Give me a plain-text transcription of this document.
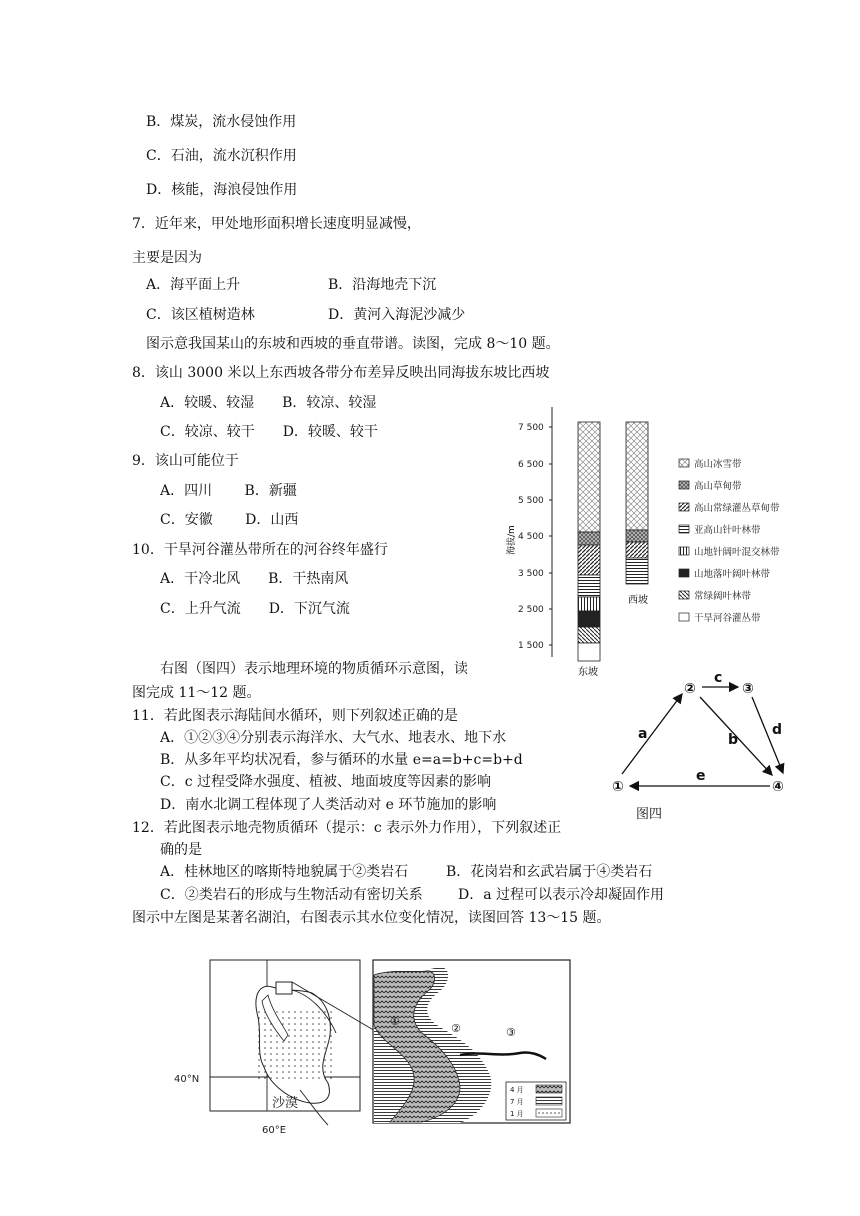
B．煤炭，流水侵蚀作用
C．石油，流水沉积作用
D．核能，海浪侵蚀作用
7．近年来，甲处地形面积增长速度明显减慢，
主要是因为
A．海平面上升	B．沿海地壳下沉
C．该区植树造林	D．黄河入海泥沙减少
图示意我国某山的东坡和西坡的垂直带谱。读图，完成 8～10 题。
8．该山 3000 米以上东西坡各带分布差异反映出同海拔东坡比西坡
A．较暖、较湿　　B．较凉、较湿
C．较凉、较干　　D．较暖、较干
9．该山可能位于
A．四川　　 B．新疆
C．安徽　　 D．山西
10．干旱河谷灌丛带所在的河谷终年盛行
A．干冷北风　　B．干热南风
C．上升气流　　D．下沉气流
右图（图四）表示地理环境的物质循环示意图，读
图完成 11～12 题。
11．若此图表示海陆间水循环，则下列叙述正确的是
A．①②③④分别表示海洋水、大气水、地表水、地下水
B．从多年平均状况看，参与循环的水量 e=a=b+c=b+d
C．c 过程受降水强度、植被、地面坡度等因素的影响
D．南水北调工程体现了人类活动对 e 环节施加的影响
12．若此图表示地壳物质循环（提示：c 表示外力作用），下列叙述正
确的是
A．桂林地区的喀斯特地貌属于②类岩石	B．花岗岩和玄武岩属于④类岩石
C．②类岩石的形成与生物活动有密切关系	D．a 过程可以表示冷却凝固作用
图示中左图是某著名湖泊，右图表示其水位变化情况，读图回答 13～15 题。
7 500
6 500
5 500
4 500
3 500
2 500
1 500
海拔/m
西坡
东坡
高山冰雪带
高山草甸带
高山常绿灌丛草甸带
亚高山针叶林带
山地针阔叶混交林带
山地落叶阔叶林带
常绿阔叶林带
干旱河谷灌丛带
②	③
①	④
a
c
d
b
e
图四
沙漠
40°N
60°E
①
②	③
4 月
7 月
1 月
